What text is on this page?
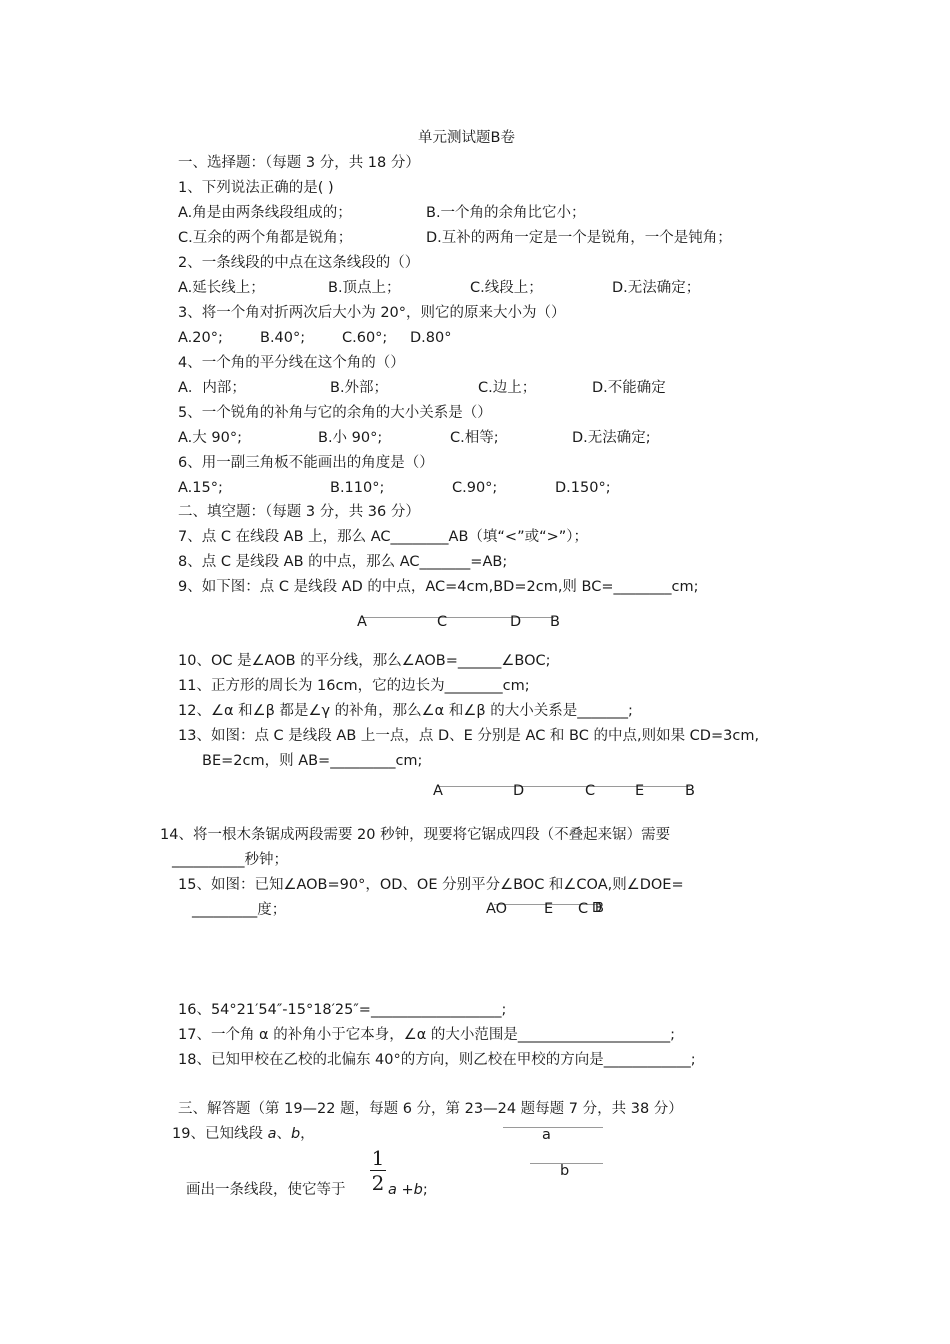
单元测试题B卷
一、选择题：（每题 3 分，共 18 分）
1、下列说法正确的是( )
A.角是由两条线段组成的；	B.一个角的余角比它小；
C.互余的两个角都是锐角；	D.互补的两角一定是一个是锐角，一个是钝角；
2、一条线段的中点在这条线段的（）
A.延长线上；	B.顶点上；	C.线段上；	D.无法确定；
3、将一个角对折两次后大小为 20°，则它的原来大小为（）
A.20°;	B.40°;	C.60°; D.80°
4、一个角的平分线在这个角的（）
A．内部；	B.外部；	C.边上；	D.不能确定
5、一个锐角的补角与它的余角的大小关系是（）
A.大 90°;	B.小 90°;	C.相等;	D.无法确定;
6、用一副三角板不能画出的角度是（）
A.15°;	B.110°;	C.90°;	D.150°;
二、填空题：（每题 3 分，共 36 分）
7、点 C 在线段 AB 上，那么 AC________AB（填“<”或“>”）；
8、点 C 是线段 AB 的中点，那么 AC_______=AB;
9、如下图：点 C 是线段 AD 的中点，AC=4cm,BD=2cm,则 BC=________cm;
A	C	D B
10、OC 是∠AOB 的平分线，那么∠AOB=______∠BOC;
11、正方形的周长为 16cm，它的边长为________cm;
12、∠α 和∠β 都是∠γ 的补角，那么∠α 和∠β 的大小关系是_______;
13、如图：点 C 是线段 AB 上一点，点 D、E 分别是 AC 和 BC 的中点,则如果 CD=3cm,
BE=2cm，则 AB=_________cm;
A	D	C	E	B
14、将一根木条锯成两段需要 20 秒钟，现要将它锯成四段（不叠起来锯）需要
__________秒钟；
15、如图：已知∠AOB=90°，OD、OE 分别平分∠BOC 和∠COA,则∠DOE=
_________度；	AO	E C DB
16、54°21′54″-15°18′25″=__________________;
17、一个角 α 的补角小于它本身，∠α 的大小范围是_____________________;
18、已知甲校在乙校的北偏东 40°的方向，则乙校在甲校的方向是____________;
三、解答题（第 19—22 题，每题 6 分，第 23—24 题每题 7 分，共 38 分）
19、已知线段 a、b，	a
b
1
2
画出一条线段，使它等于	a +b;
